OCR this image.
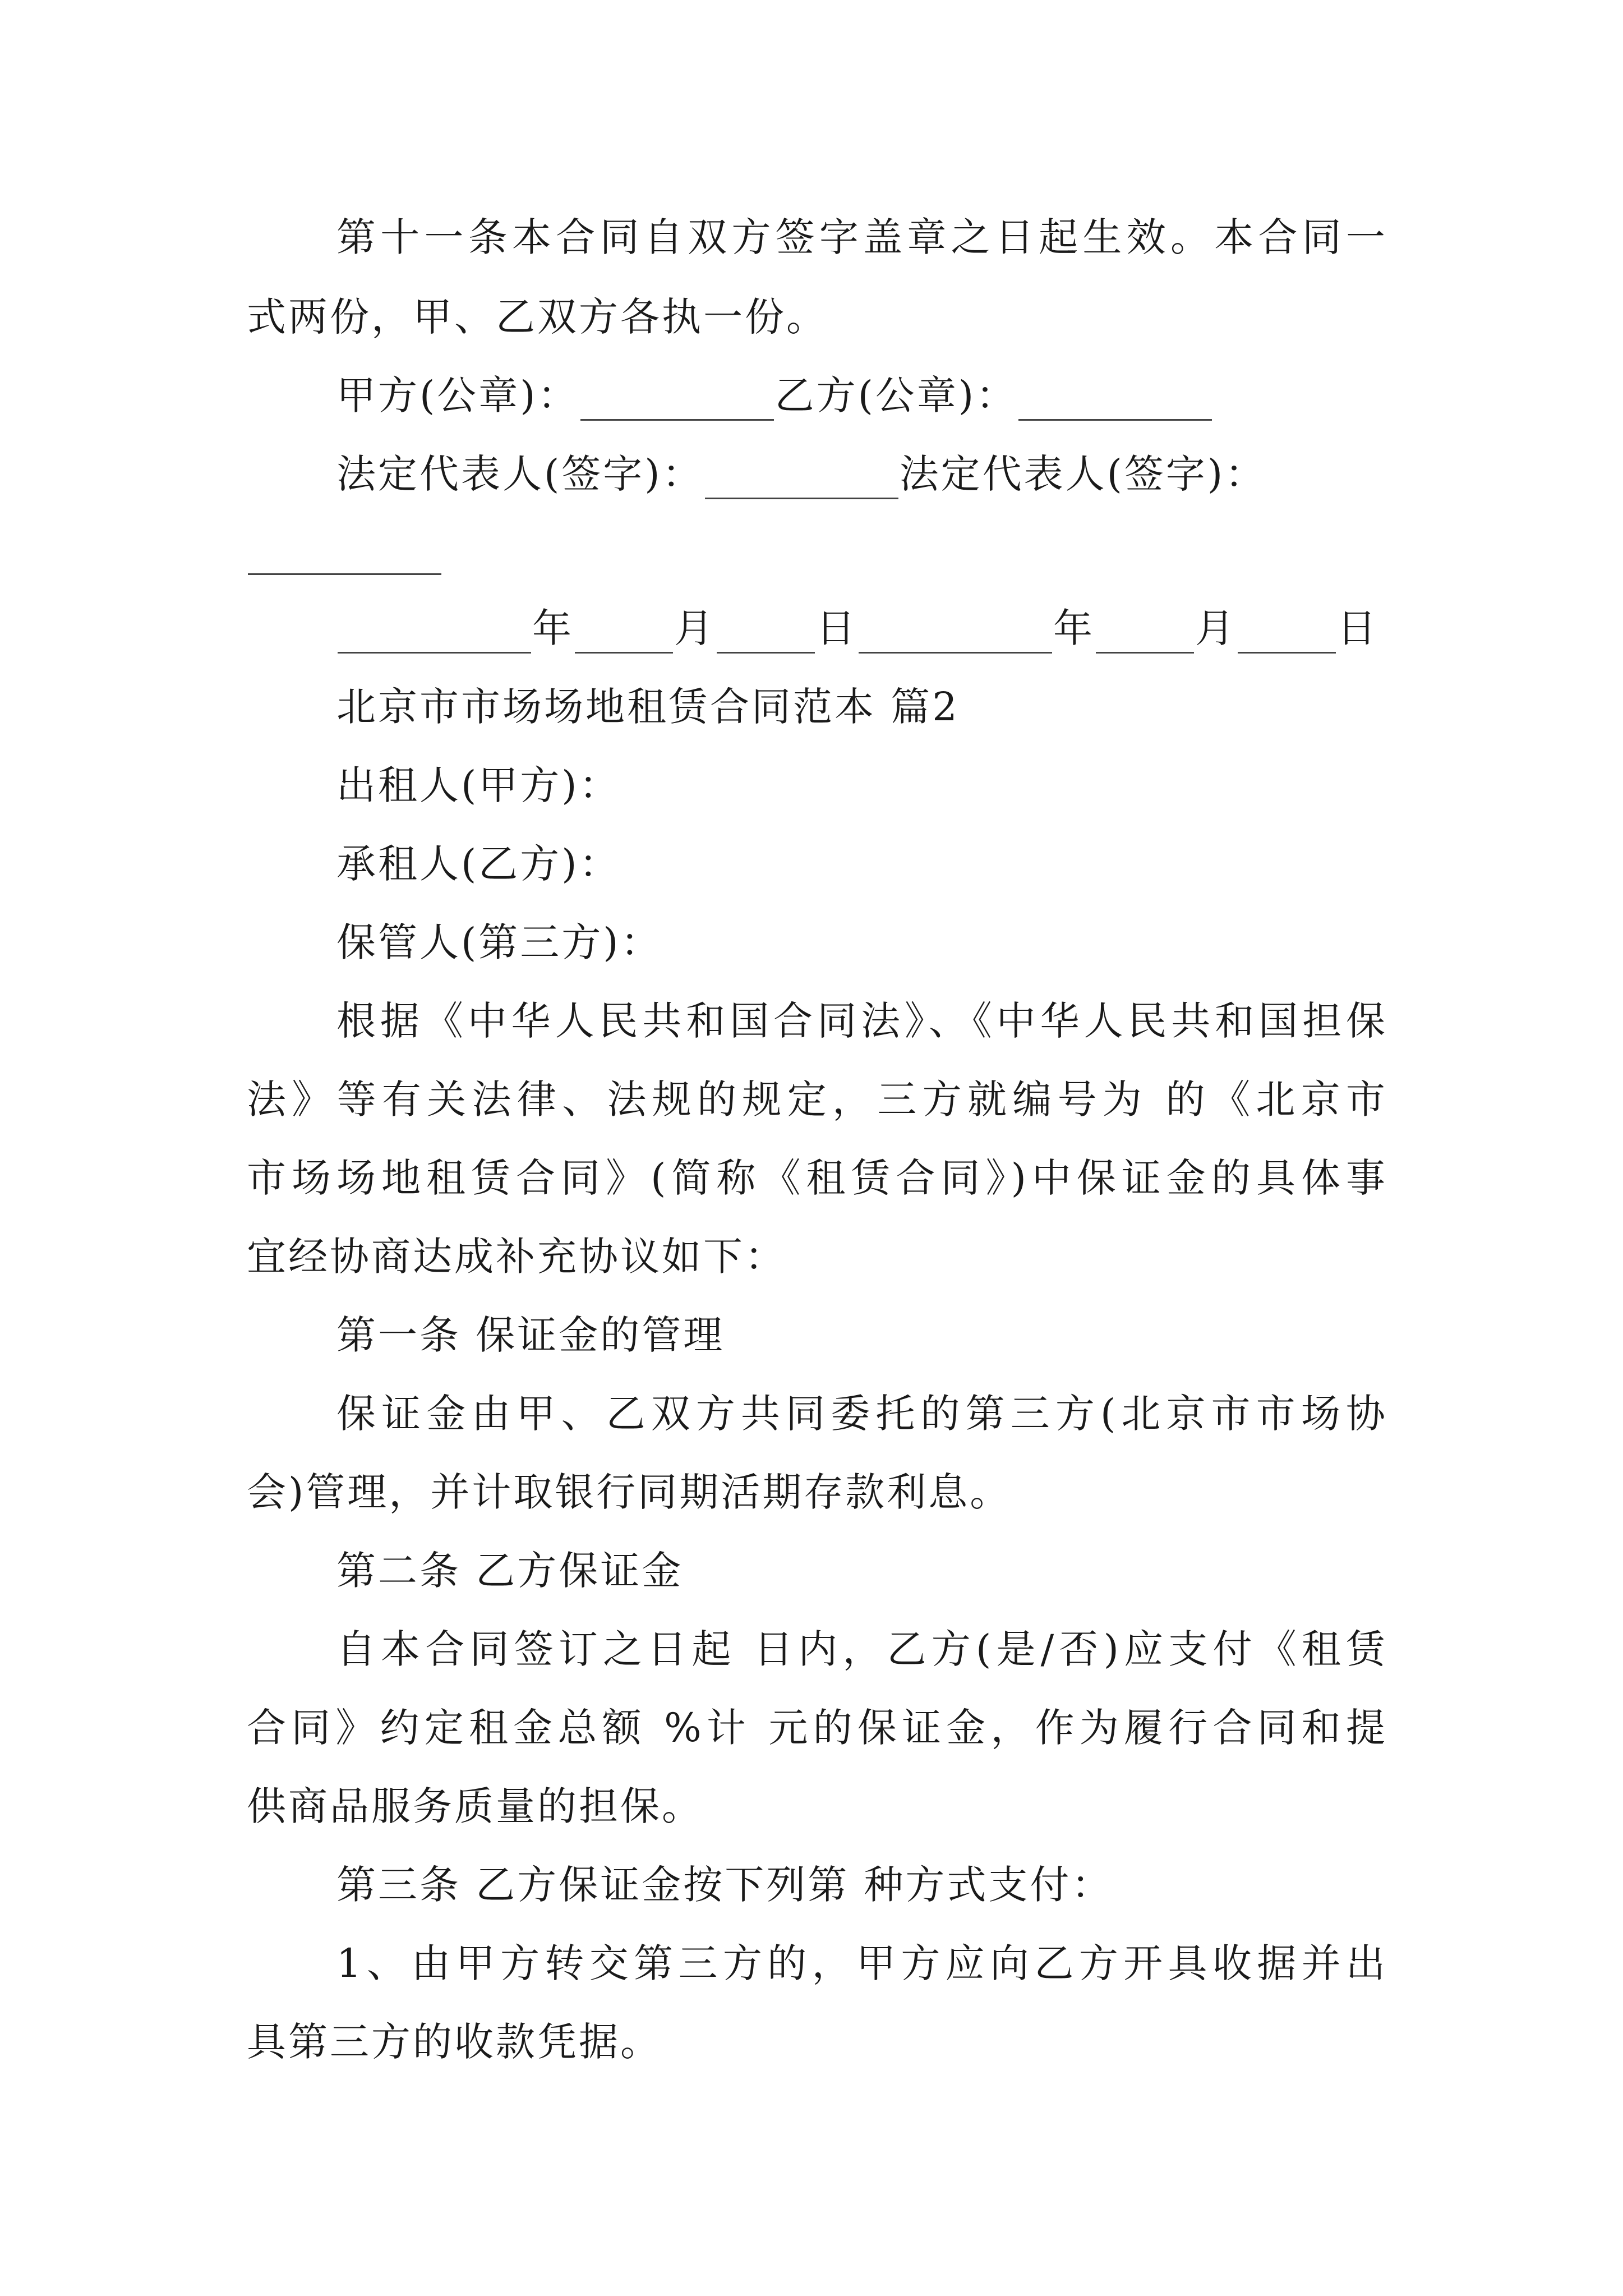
第十一条本合同自双方签字盖章之日起生效。本合同一
式两份，甲、乙双方各执一份。
甲方(公章)：	乙方(公章)：
法定代表人(签字)：	法定代表人(签字)：
年	月	日	年	月	日
北京市市场场地租赁合同范本 篇2
出租人(甲方)：
承租人(乙方)：
保管人(第三方)：
根据《中华人民共和国合同法》、《中华人民共和国担保
法》等有关法律、法规的规定，三方就编号为 的《北京市
市场场地租赁合同》(简称《租赁合同》)中保证金的具体事
宜经协商达成补充协议如下：
第一条 保证金的管理
保证金由甲、乙双方共同委托的第三方(北京市市场协
会)管理，并计取银行同期活期存款利息。
第二条 乙方保证金
自本合同签订之日起 日内，乙方(是/否)应支付《租赁
合同》约定租金总额 %计 元的保证金，作为履行合同和提
供商品服务质量的担保。
第三条 乙方保证金按下列第 种方式支付：
1、由甲方转交第三方的，甲方应向乙方开具收据并出
具第三方的收款凭据。
